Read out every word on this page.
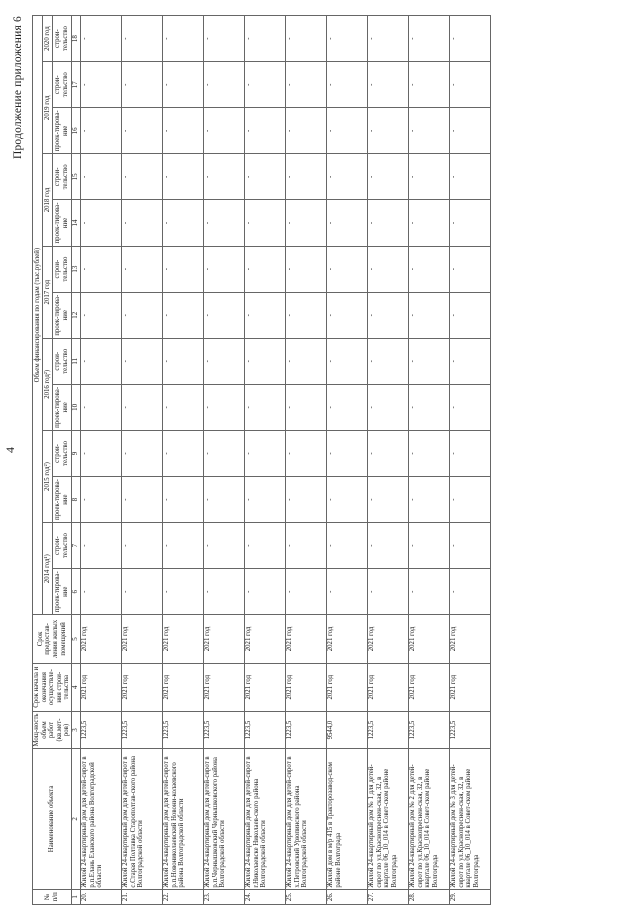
4
Продолжение приложения 6
№ п/п	Наименование объекта	Мощ-ность объем работ (кв.мет-ров)	Срок начала и окончания осуществле-ния строи-тельства	Срок предостав-ления жилых помещений	Объем финансирования по годам (тыс.рублей)												
					2014 год¹)		2015 год²)		2016 год²)		2017 год		2018 год		2019 год		2020 год
					проек-тирова-ние	строи-тельство	проек-тирова-ние	строи-тельство	проек-тирова-ние	строи-тельство	проек-тирова-ние	строи-тельство	проек-тирова-ние	строи-тельство	проек-тирова-ние	строи-тельство	строи-тельство
1	2	3	4	5	6	7	8	9	10	11	12	13	14	15	16	17	18
20.	Жилой 24-квартирный дом для детей-сирот в р.п.Елань Еланского района Волгоградской области	1223,5	2021 год	2021 год	-	-	-	-	-	-	-	-	-	-	-	-	-
21.	Жилой 24-квартирный дом для детей-сирот в с.Старая Полтавка Старополтав-ского района Волгоградской области	1223,5	2021 год	2021 год	-	-	-	-	-	-	-	-	-	-	-	-	-
22.	Жилой 24-квартирный дом для детей-сирот в р.п.Новониколаевский Новони-колаевского района Волгоградской области	1223,5	2021 год	2021 год	-	-	-	-	-	-	-	-	-	-	-	-	-
23.	Жилой 24-квартирный дом для детей-сирот в р.п.Чернышковский Чернышковского района Волгоградской области	1223,5	2021 год	2021 год	-	-	-	-	-	-	-	-	-	-	-	-	-
24.	Жилой 24-квартирный дом для детей-сирот в г.Николаевске Николаев-ского района Волгоградской области	1223,5	2021 год	2021 год	-	-	-	-	-	-	-	-	-	-	-	-	-
25.	Жилой 24-квартирный дом для детей-сирот в х.Петровский Урюпинского района Волгоградской области	1223,5	2021 год	2021 год	-	-	-	-	-	-	-	-	-	-	-	-	-
26.	Жилой дом в м/р 415 в Тракторозавод-ском районе Волгограда	9544,0	2021 год	2021 год	-	-	-	-	-	-	-	-	-	-	-	-	-
27.	Жилой 24-квартирный дом № 1 для детей-сирот по ул.Краснопреснен-ская, 32, в квартале 06_10_014 в Совет-ском районе Волгограда	1223,5	2021 год	2021 год	-	-	-	-	-	-	-	-	-	-	-	-	-
28.	Жилой 24-квартирный дом № 2 для детей-сирот по ул.Краснопреснен-ская, 32, в квартале 06_10_014 в Совет-ском районе Волгограда	1223,5	2021 год	2021 год	-	-	-	-	-	-	-	-	-	-	-	-	-
29.	Жилой 24-квартирный дом № 3 для детей-сирот по ул.Краснопреснен-ская, 32, в квартале 06_10_014 в Совет-ском районе Волгограда	1223,5	2021 год	2021 год	-	-	-	-	-	-	-	-	-	-	-	-	-
